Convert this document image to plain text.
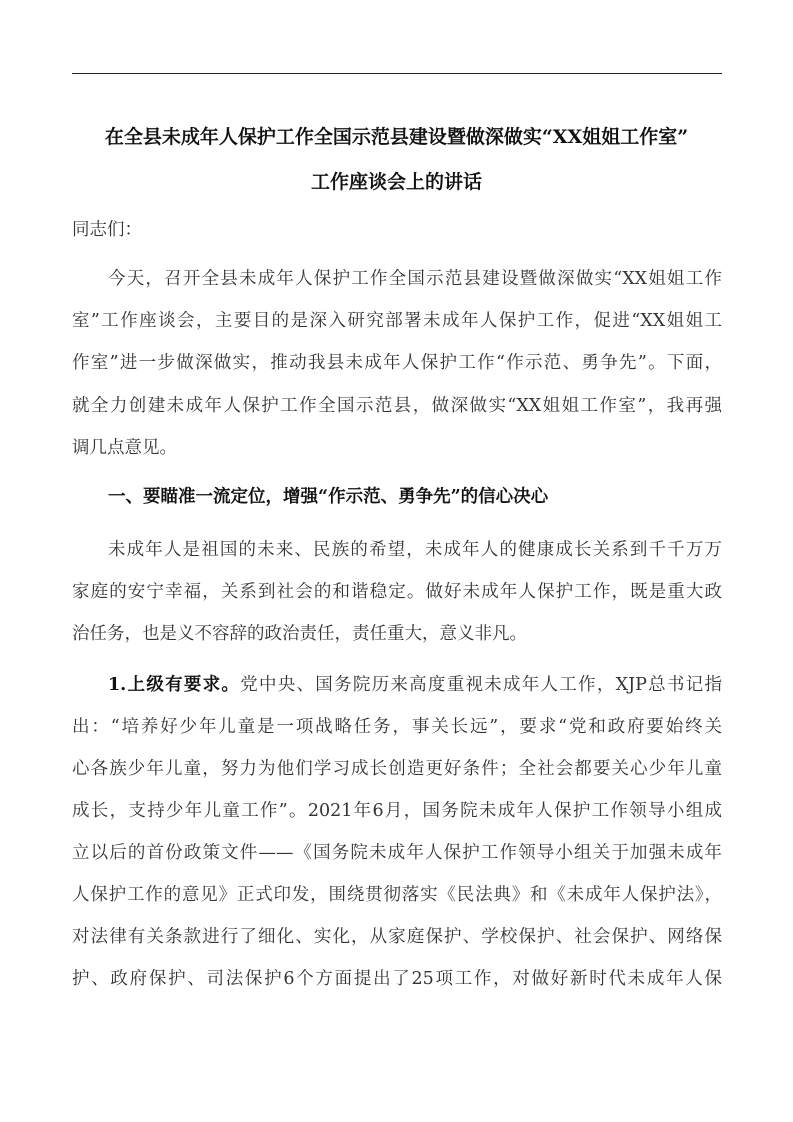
在全县未成年人保护工作全国示范县建设暨做深做实“XX姐姐工作室”
工作座谈会上的讲话
同志们：
今天，召开全县未成年人保护工作全国示范县建设暨做深做实“XX姐姐工作
室”工作座谈会，主要目的是深入研究部署未成年人保护工作，促进“XX姐姐工
作室”进一步做深做实，推动我县未成年人保护工作“作示范、勇争先”。下面，
就全力创建未成年人保护工作全国示范县，做深做实“XX姐姐工作室”，我再强
调几点意见。
一、要瞄准一流定位，增强“作示范、勇争先”的信心决心
未成年人是祖国的未来、民族的希望，未成年人的健康成长关系到千千万万
家庭的安宁幸福，关系到社会的和谐稳定。做好未成年人保护工作，既是重大政
治任务，也是义不容辞的政治责任，责任重大，意义非凡。
1.上级有要求。党中央、国务院历来高度重视未成年人工作，XJP总书记指
出：“培养好少年儿童是一项战略任务，事关长远”，要求“党和政府要始终关
心各族少年儿童，努力为他们学习成长创造更好条件；全社会都要关心少年儿童
成长，支持少年儿童工作”。2021年6月，国务院未成年人保护工作领导小组成
立以后的首份政策文件——《国务院未成年人保护工作领导小组关于加强未成年
人保护工作的意见》正式印发，围绕贯彻落实《民法典》和《未成年人保护法》，
对法律有关条款进行了细化、实化，从家庭保护、学校保护、社会保护、网络保
护、政府保护、司法保护6个方面提出了25项工作，对做好新时代未成年人保
